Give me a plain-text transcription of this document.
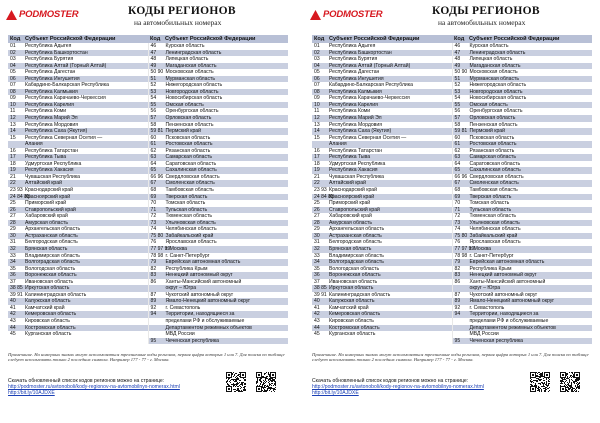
PODMOSTER	КОДЫ РЕГИОНОВ
на автомобильных номерах
Код Субъект Российской Федерации	Код Субъект Российской Федерации
01 Республика Адыгея
02 Республика Башкортостан
03 Республика Бурятия
04 Республика Алтай (Горный Алтай)
05 Республика Дагестан
06 Республика Ингушетия
07 Кабардино-Балкарская Республика
08 Республика Калмыкия
09 Республика Карачаево-Черкессия
10 Республика Карелия
11 Республика Коми
12 Республика Марий Эл
13 Республика Мордовия
14 Республика Саха (Якутия)
15 Республика Северная Осетия —
Алания
16 Республика Татарстан
17 Республика Тыва
18 Удмуртская Республика
19 Республика Хакасия
21 Чувашская Республика
22 Алтайский край
23 93 Краснодарский край
24 84 88
Красноярский край
25 Приморский край
26 Ставропольский край
27 Хабаровский край
28 Амурская область
29 Архангельская область
30 Астраханская область
31 Белгородская область
32 Брянская область
33 Владимирская область
34 Волгоградская область
35 Вологодская область
36 Воронежская область
37 Ивановская область
38 85 Иркутская область
39 91 Калининградская область
40 Калужская область
41 Камчатский край
42 Кемеровская область
43 Кировская область
44 Костромская область
45 Курганская область
46 Курская область
47 Ленинградская область
48 Липецкая область
49 Магаданская область
50 90 Московская область
51 Мурманская область
52 Нижегородская область
53 Новгородская область
54 Новосибирская область
55 Омская область
56 Оренбургская область
57 Орловская область
58 Пензенская область
59 81 Пермский край
60 Псковская область
61 Ростовская область
62 Рязанская область
63 Самарская область
64 Саратовская область
65 Сахалинская область
66 96 Свердловская область
67 Смоленская область
68 Тамбовская область
69 Тверская область
70 Томская область
71 Тульская область
72 Тюменская область
73 Ульяновская область
74 Челябинская область
75 80 Забайкальский край
76 Ярославская область
77 97 99
г. Москва
78 98 г. Санкт-Петербург
79 Еврейская автономная область
82 Республика Крым
83 Ненецкий автономный округ
86 Ханты-Мансийский автономный
округ – Югра
87 Чукотский автономный округ
89 Ямало-Ненецкий автономный округ
92 г. Севастополь
94 Территории, находящиеся за
пределами РФ и обслуживаемые
Департаментом режимных объектов
МВД России
95 Чеченская республика
Примечание. На номерных знаках могут использоваться трехзначные коды регионов, первая цифра которых 1 или 7. Для поиска по таблице следует использовать только 2 последних символа. Например 177 - 77 - г. Москва.
Скачать обновленный список кодов регионов можно на странице:
http://podmoster.ru/avtonoboli/kody-regionov-na-avtomobilnyx-nomerax.html
http://bit.ly/10AJDXE
PODMOSTER	КОДЫ РЕГИОНОВ
на автомобильных номерах
Код Субъект Российской Федерации	Код Субъект Российской Федерации
01 Республика Адыгея
02 Республика Башкортостан
03 Республика Бурятия
04 Республика Алтай (Горный Алтай)
05 Республика Дагестан
06 Республика Ингушетия
07 Кабардино-Балкарская Республика
08 Республика Калмыкия
09 Республика Карачаево-Черкессия
10 Республика Карелия
11 Республика Коми
12 Республика Марий Эл
13 Республика Мордовия
14 Республика Саха (Якутия)
15 Республика Северная Осетия —
Алания
16 Республика Татарстан
17 Республика Тыва
18 Удмуртская Республика
19 Республика Хакасия
21 Чувашская Республика
22 Алтайский край
23 93 Краснодарский край
24 84 88
Красноярский край
25 Приморский край
26 Ставропольский край
27 Хабаровский край
28 Амурская область
29 Архангельская область
30 Астраханская область
31 Белгородская область
32 Брянская область
33 Владимирская область
34 Волгоградская область
35 Вологодская область
36 Воронежская область
37 Ивановская область
38 85 Иркутская область
39 91 Калининградская область
40 Калужская область
41 Камчатский край
42 Кемеровская область
43 Кировская область
44 Костромская область
45 Курганская область
46 Курская область
47 Ленинградская область
48 Липецкая область
49 Магаданская область
50 90 Московская область
51 Мурманская область
52 Нижегородская область
53 Новгородская область
54 Новосибирская область
55 Омская область
56 Оренбургская область
57 Орловская область
58 Пензенская область
59 81 Пермский край
60 Псковская область
61 Ростовская область
62 Рязанская область
63 Самарская область
64 Саратовская область
65 Сахалинская область
66 96 Свердловская область
67 Смоленская область
68 Тамбовская область
69 Тверская область
70 Томская область
71 Тульская область
72 Тюменская область
73 Ульяновская область
74 Челябинская область
75 80 Забайкальский край
76 Ярославская область
77 97 99
г. Москва
78 98 г. Санкт-Петербург
79 Еврейская автономная область
82 Республика Крым
83 Ненецкий автономный округ
86 Ханты-Мансийский автономный
округ – Югра
87 Чукотский автономный округ
89 Ямало-Ненецкий автономный округ
92 г. Севастополь
94 Территории, находящиеся за
пределами РФ и обслуживаемые
Департаментом режимных объектов
МВД России
95 Чеченская республика
Примечание. На номерных знаках могут использоваться трехзначные коды регионов, первая цифра которых 1 или 7. Для поиска по таблице следует использовать только 2 последних символа. Например 177 - 77 - г. Москва.
Скачать обновленный список кодов регионов можно на странице:
http://podmoster.ru/avtonoboli/kody-regionov-na-avtomobilnyx-nomerax.html
http://bit.ly/10AJDXE
